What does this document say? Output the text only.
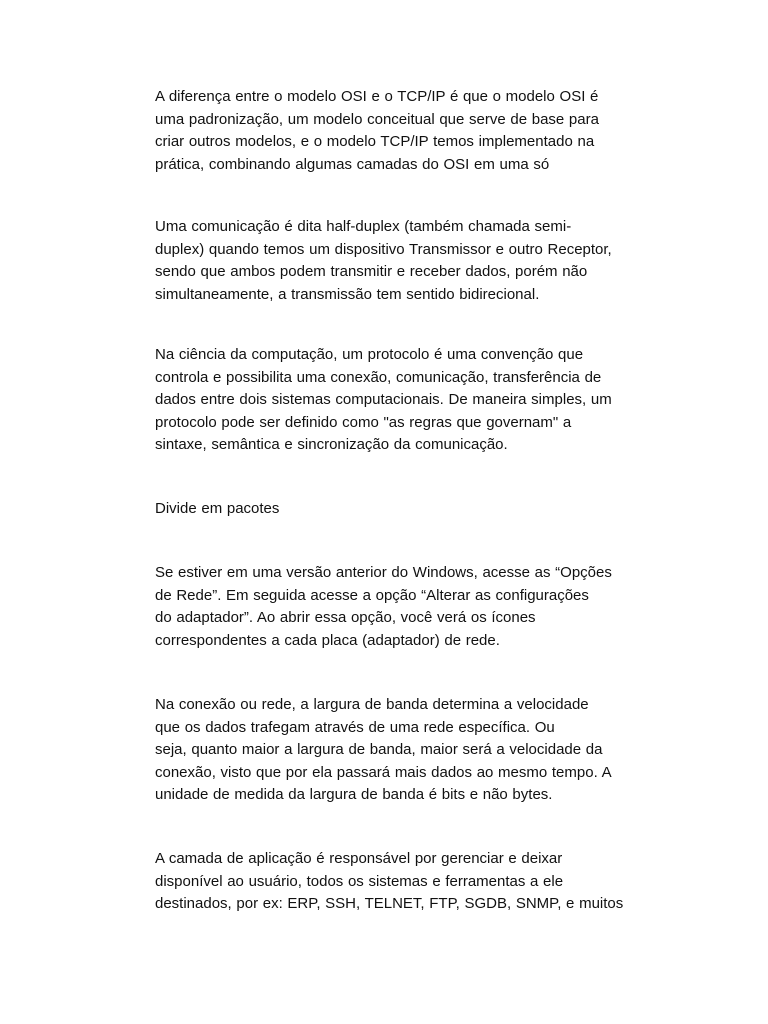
A diferença entre o modelo OSI e o TCP/IP é que o modelo OSI é
uma padronização, um modelo conceitual que serve de base para
criar outros modelos, e o modelo TCP/IP temos implementado na
prática, combinando algumas camadas do OSI em uma só

Uma comunicação é dita half-duplex (também chamada semi-
duplex) quando temos um dispositivo Transmissor e outro Receptor,
sendo que ambos podem transmitir e receber dados, porém não
simultaneamente, a transmissão tem sentido bidirecional.

Na ciência da computação, um protocolo é uma convenção que
controla e possibilita uma conexão, comunicação, transferência de
dados entre dois sistemas computacionais. De maneira simples, um
protocolo pode ser definido como "as regras que governam" a
sintaxe, semântica e sincronização da comunicação.

Divide em pacotes

Se estiver em uma versão anterior do Windows, acesse as “Opções
de Rede”. Em seguida acesse a opção “Alterar as configurações
do adaptador”. Ao abrir essa opção, você verá os ícones
correspondentes a cada placa (adaptador) de rede.

Na conexão ou rede, a largura de banda determina a velocidade
que os dados trafegam através de uma rede específica. Ou
seja, quanto maior a largura de banda, maior será a velocidade da
conexão, visto que por ela passará mais dados ao mesmo tempo. A
unidade de medida da largura de banda é bits e não bytes.

A camada de aplicação é responsável por gerenciar e deixar
disponível ao usuário, todos os sistemas e ferramentas a ele
destinados, por ex: ERP, SSH, TELNET, FTP, SGDB, SNMP, e muitos
